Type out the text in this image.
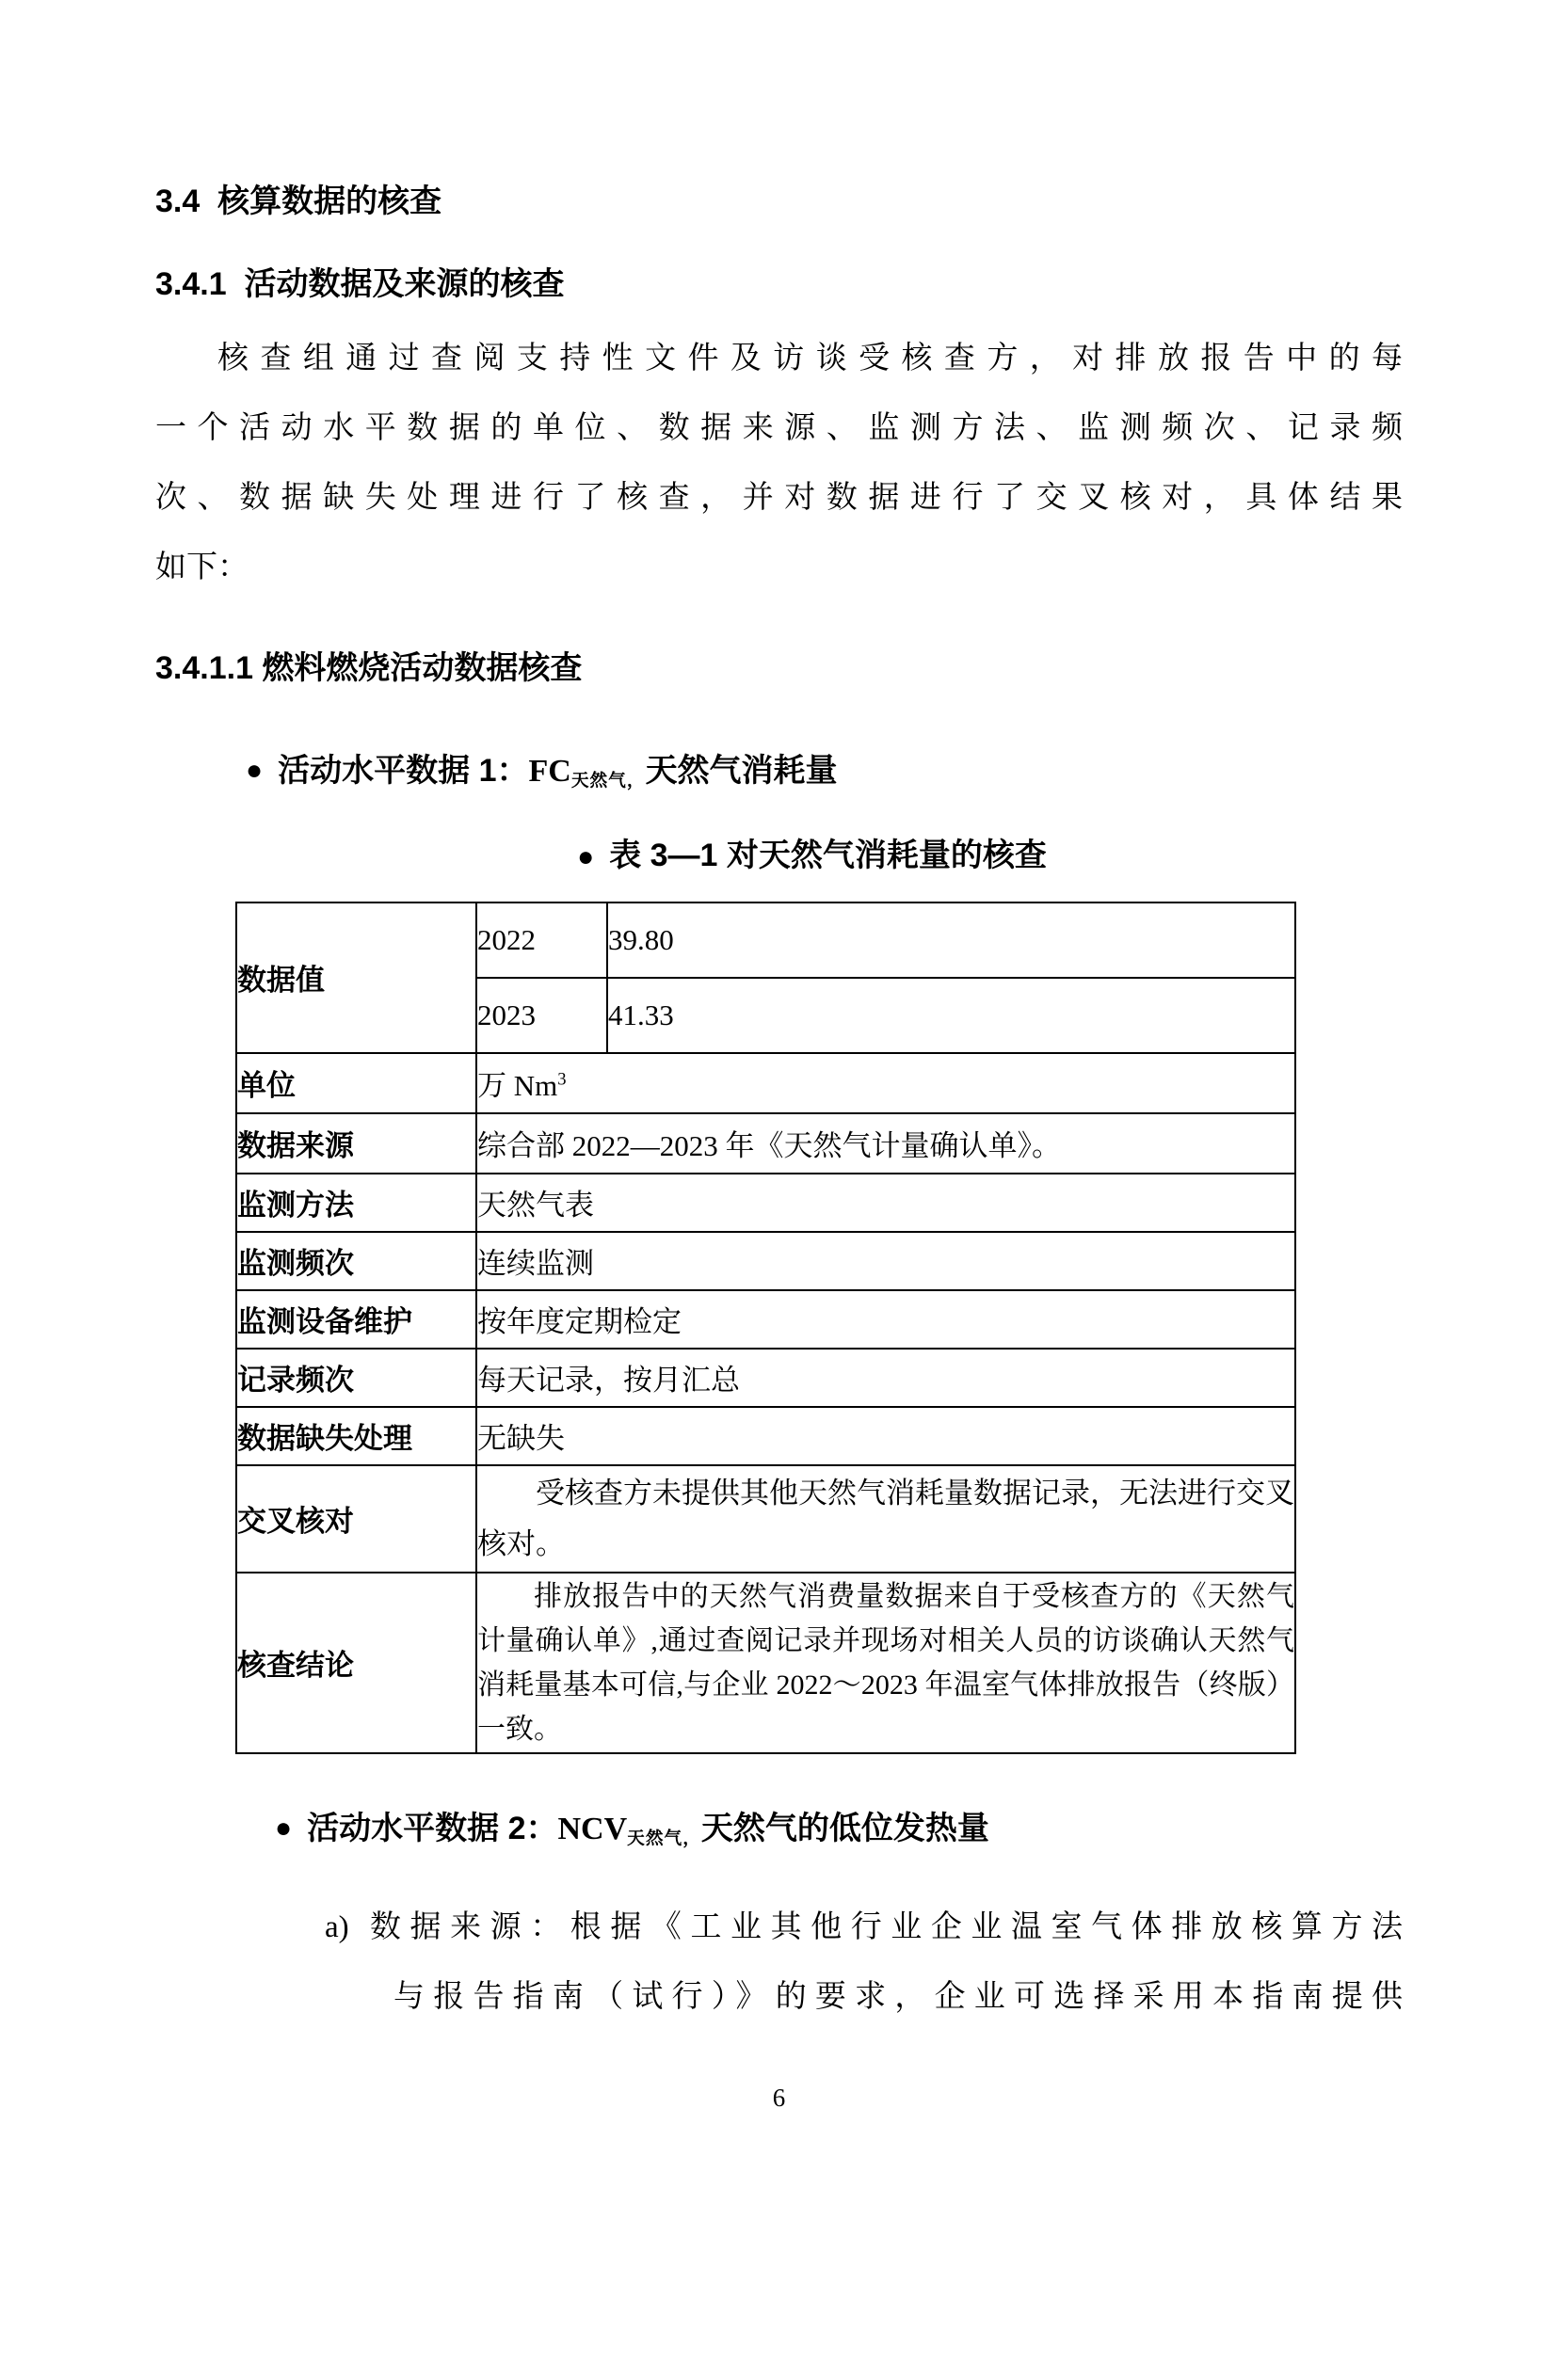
3.4  核算数据的核查
3.4.1  活动数据及来源的核查
核查组通过查阅支持性文件及访谈受核查方，对排放报告中的每
一个活动水平数据的单位、数据来源、监测方法、监测频次、记录频
次、数据缺失处理进行了核查，并对数据进行了交叉核对，具体结果
如下：
3.4.1.1 燃料燃烧活动数据核查
● 活动水平数据 1：FC天然气，天然气消耗量
● 表 3—1 对天然气消耗量的核查
数据值	2022	39.80
	2023	41.33
单位	万 Nm$^3$
数据来源	综合部 2022—2023 年《天然气计量确认单》。	
监测方法	天然气表	
监测频次	连续监测	
监测设备维护	按年度定期检定	
记录频次	每天记录，按月汇总	
数据缺失处理	无缺失	
交叉核对	受核查方未提供其他天然气消耗量数据记录，无法进行交叉核对。	
核查结论	排放报告中的天然气消费量数据来自于受核查方的《天然气计量确认单》,通过查阅记录并现场对相关人员的访谈确认天然气消耗量基本可信,与企业 2022～2023 年温室气体排放报告（终版）一致。	
● 活动水平数据 2：NCV天然气，天然气的低位发热量
a) 数据来源：根据《工业其他行业企业温室气体排放核算方法
与报告指南（试行）》的要求，企业可选择采用本指南提供
6
